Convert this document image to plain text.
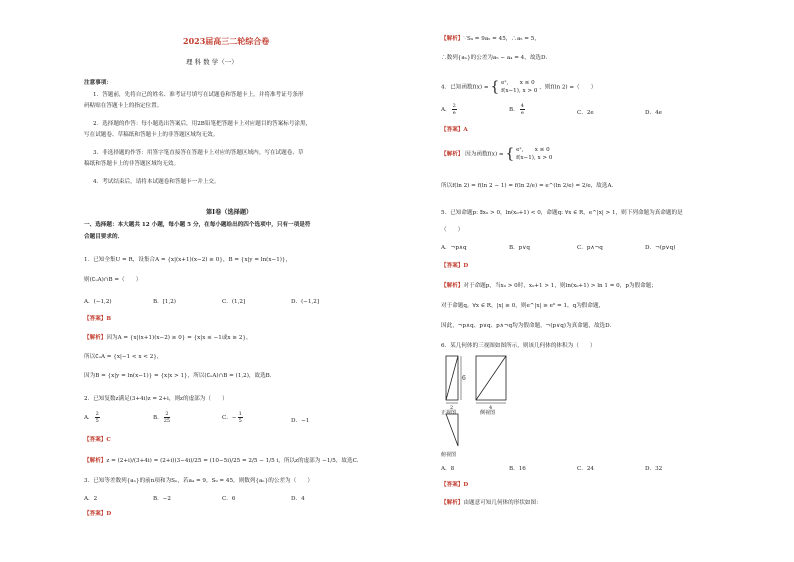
2023届高三二轮综合卷
理 科 数 学（一）
注意事项：
1．答题前，先将自己的姓名、准考证号填写在试题卷和答题卡上，并将准考证号条形
码粘贴在答题卡上的指定位置。
2．选择题的作答：每小题选出答案后，用2B铅笔把答题卡上对应题目的答案标号涂黑，
写在试题卷、草稿纸和答题卡上的非答题区域均无效。
3．非选择题的作答：用签字笔直接答在答题卡上对应的答题区域内。写在试题卷、草
稿纸和答题卡上的非答题区域均无效。
4．考试结束后，请将本试题卷和答题卡一并上交。
第Ⅰ卷（选择题）
一、选择题：本大题共 12 小题，每小题 5 分，在每小题给出的四个选项中，只有一项是符
合题目要求的．
1．已知全集U = R，设集合A = {x|(x+1)(x−2) ≥ 0}，B = {x|y = ln(x−1)}，
则(∁ᵤA)∩B =（　　）
A．(−1,2)	B．[1,2)	C．(1,2]	D．(−1,2]
【答案】B
【解析】因为A = {x|(x+1)(x−2) ≥ 0} = {x|x ≤ −1或x ≥ 2}，
所以∁ᵤA = {x|−1 < x < 2}，
因为B = {x|y = ln(x−1)} = {x|x > 1}，所以(∁ᵤA)∩B = (1,2)，故选B．
2．已知复数z满足(3+4i)z = 2+i，则z的虚部为（　　）
A． $\frac{2}{5}$	B． $\frac{2}{25}$	C．− $\frac{1}{5}$	D．−1
【答案】C
【解析】z = (2+i)/(3+4i) = (2+i)(3−4i)/25 = (10−5i)/25 = 2/5 − 1/5 i，所以z的虚部为 −1/5，故选C．
3．已知等差数列{aₙ}的前n项和为Sₙ，若a₄ = 9，S₉ = 45，则数列{aₙ}的公差为（　　）
A．2	B．−2	C．6	D．4
【答案】D
【解析】∵S₉ = 9a₅ = 45，∴a₅ = 5，
∴数列{aₙ}的公差为a₅ − a₄ = 4，故选D．
4．已知函数f(x) = { eˣ,　　x ≤ 0
f(x−1), x > 0
，则f(ln 2) =（　　）
A． $\frac{2}{e}$	B． $\frac{4}{e}$	C．2e	D．4e
【答案】A
【解析】 因为函数f(x) = { eˣ,　　x ≤ 0
f(x−1), x > 0
所以f(ln 2) = f(ln 2 − 1) = f(ln 2/e) = e^(ln 2/e) = 2/e，故选A．
5．已知命题p: ∃x₀ > 0，ln(x₀+1) < 0，命题q: ∀x ∈ R，e^|x| > 1，则下列命题为真命题的是
（　　）
A．¬p∧q	B．p∨q	C．p∧¬q	D．¬(p∨q)
【答案】D
【解析】对于命题p，当x₀ > 0时，x₀+1 > 1，则ln(x₀+1) > ln 1 = 0，p为假命题；
对于命题q，∀x ∈ R，|x| ≥ 0，则e^|x| ≥ e⁰ = 1，q为假命题，
因此，¬p∧q、p∨q、p∧¬q均为假命题，¬(p∨q)为真命题，故选D．
6．某几何体的三视图如图所示，则该几何体的体积为（　　）
6
2	4
正视图	侧视图
俯视图
A．8	B．16	C．24	D．32
【答案】D
【解析】由题意可知几何体的形状如图：
